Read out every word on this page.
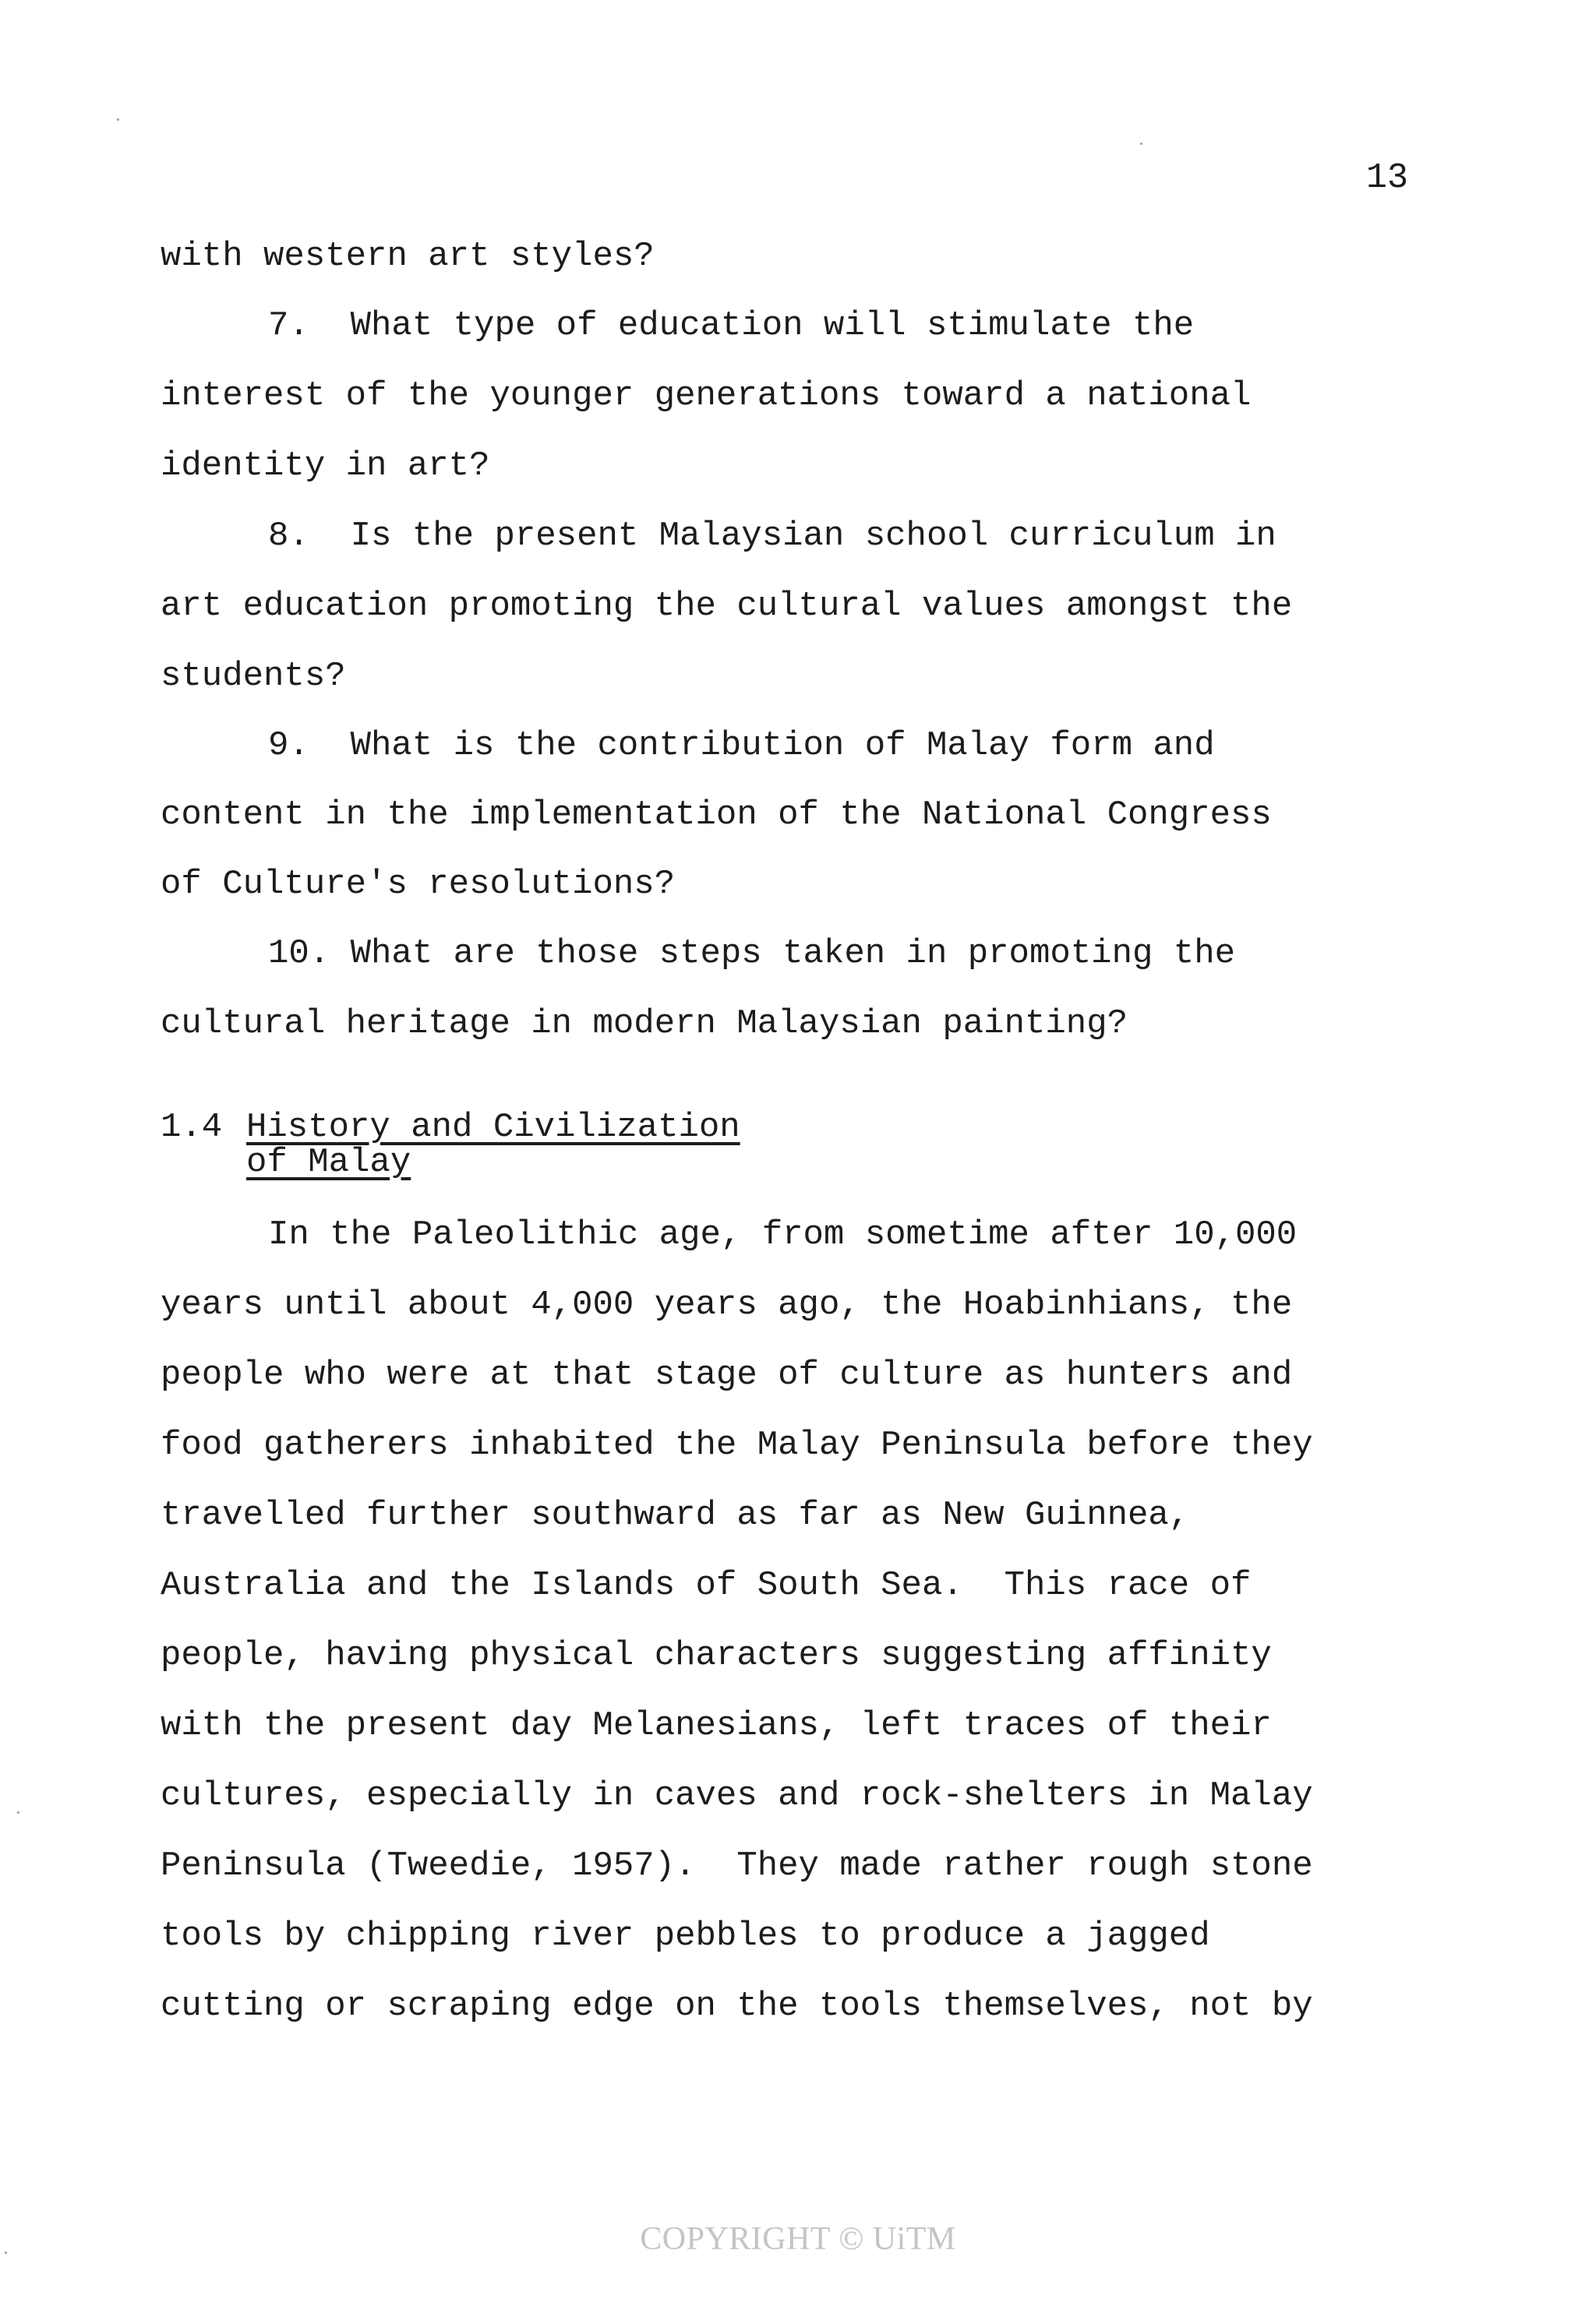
13
with western art styles?
7.  What type of education will stimulate the
interest of the younger generations toward a national
identity in art?
8.  Is the present Malaysian school curriculum in
art education promoting the cultural values amongst the
students?
9.  What is the contribution of Malay form and
content in the implementation of the National Congress
of Culture's resolutions?
10. What are those steps taken in promoting the
cultural heritage in modern Malaysian painting?
1.4 History and Civilization
of Malay
In the Paleolithic age, from sometime after 10,000
years until about 4,000 years ago, the Hoabinhians, the
people who were at that stage of culture as hunters and
food gatherers inhabited the Malay Peninsula before they
travelled further southward as far as New Guinnea,
Australia and the Islands of South Sea.  This race of
people, having physical characters suggesting affinity
with the present day Melanesians, left traces of their
cultures, especially in caves and rock-shelters in Malay
Peninsula (Tweedie, 1957).  They made rather rough stone
tools by chipping river pebbles to produce a jagged
cutting or scraping edge on the tools themselves, not by
COPYRIGHT © UiTM
